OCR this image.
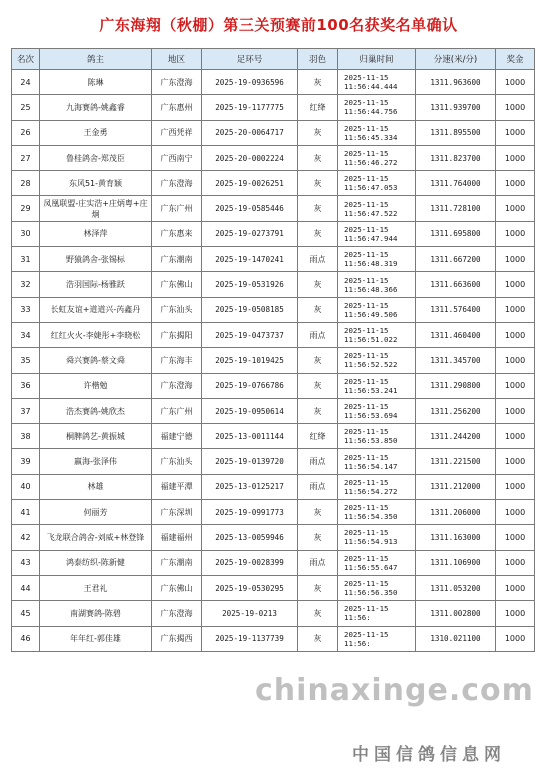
广东海翔（秋棚）第三关预赛前100名获奖名单确认
名次	鸽主	地区	足环号	羽色	归巢时间	分速(米/分)	奖金
24	陈琳	广东澄海	2025-19-0936596	灰	2025-11-15
11:56:44.444	1311.963600	1000
25	九海赛鸽-姚鑫睿	广东惠州	2025-19-1177775	红绛	2025-11-15
11:56:44.756	1311.939700	1000
26	王金勇	广西凭祥	2025-20-0064717	灰	2025-11-15
11:56:45.334	1311.895500	1000
27	鲁桂鸽舍-郑茂臣	广西南宁	2025-20-0002224	灰	2025-11-15
11:56:46.272	1311.823700	1000
28	东风51-黄育颖	广东澄海	2025-19-0026251	灰	2025-11-15
11:56:47.053	1311.764000	1000
29	凤凰联盟-庄实浩+庄炳粤+庄炯	广东广州	2025-19-0585446	灰	2025-11-15
11:56:47.522	1311.728100	1000
30	林泽萍	广东惠来	2025-19-0273791	灰	2025-11-15
11:56:47.944	1311.695800	1000
31	野猿鸽舍-张锡标	广东潮南	2025-19-1470241	雨点	2025-11-15
11:56:48.319	1311.667200	1000
32	浩羽国际-杨雅跃	广东佛山	2025-19-0531926	灰	2025-11-15
11:56:48.366	1311.663600	1000
33	长虹友谊+道道兴-芮鑫丹	广东汕头	2025-19-0508185	灰	2025-11-15
11:56:49.506	1311.576400	1000
34	红红火火-李婕彤+李晓松	广东揭阳	2025-19-0473737	雨点	2025-11-15
11:56:51.022	1311.460400	1000
35	舜兴赛鸽-蔡文舜	广东海丰	2025-19-1019425	灰	2025-11-15
11:56:52.522	1311.345700	1000
36	许楷勉	广东澄海	2025-19-0766786	灰	2025-11-15
11:56:53.241	1311.290800	1000
37	浩杰赛鸽-姚欣杰	广东广州	2025-19-0950614	灰	2025-11-15
11:56:53.694	1311.256200	1000
38	桐脾鸽艺-黄振城	福建宁德	2025-13-0011144	红绛	2025-11-15
11:56:53.850	1311.244200	1000
39	嬴海-张泽伟	广东汕头	2025-19-0139720	雨点	2025-11-15
11:56:54.147	1311.221500	1000
40	林雄	福建平潭	2025-13-0125217	雨点	2025-11-15
11:56:54.272	1311.212000	1000
41	何丽芳	广东深圳	2025-19-0991773	灰	2025-11-15
11:56:54.350	1311.206000	1000
42	飞龙联合鸽舍-刘威+林登锋	福建福州	2025-13-0059946	灰	2025-11-15
11:56:54.913	1311.163000	1000
43	鸿泰纺织-陈新健	广东潮南	2025-19-0028399	雨点	2025-11-15
11:56:55.647	1311.106900	1000
44	王君礼	广东佛山	2025-19-0530295	灰	2025-11-15
11:56:56.350	1311.053200	1000
45	南湖赛鸽-陈碧	广东澄海	2025-19-0213	灰	2025-11-15
11:56:	1311.002800	1000
46	年年红-郭佳雄	广东揭西	2025-19-1137739	灰	2025-11-15
11:56:	1310.021100	1000
chinaxinge.com
中国信鸽信息网
